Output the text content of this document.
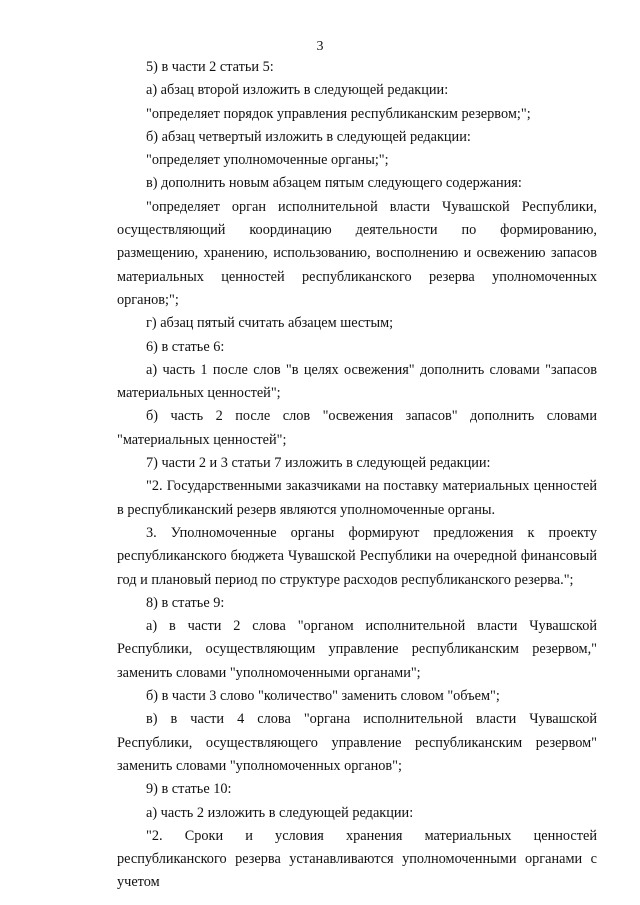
3

5) в части 2 статьи 5:

а) абзац второй изложить в следующей редакции:

"определяет порядок управления республиканским резервом;";

б) абзац четвертый изложить в следующей редакции:

"определяет уполномоченные органы;";

в) дополнить новым абзацем пятым следующего содержания:

"определяет орган исполнительной власти Чувашской Республики, осуществляющий координацию деятельности по формированию, размещению, хранению, использованию, восполнению и освежению запасов материальных ценностей республиканского резерва уполномоченных органов;";

г) абзац пятый считать абзацем шестым;

6) в статье 6:

а) часть 1 после слов "в целях освежения" дополнить словами "запасов материальных ценностей";

б) часть 2 после слов "освежения запасов" дополнить словами "материальных ценностей";

7) части 2 и 3 статьи 7 изложить в следующей редакции:

"2. Государственными заказчиками на поставку материальных ценностей в республиканский резерв являются уполномоченные органы.

3. Уполномоченные органы формируют предложения к проекту республиканского бюджета Чувашской Республики на очередной финансовый год и плановый период по структуре расходов республиканского резерва.";

8) в статье 9:

а) в части 2 слова "органом исполнительной власти Чувашской Республики, осуществляющим управление республиканским резервом," заменить словами "уполномоченными органами";

б) в части 3 слово "количество" заменить словом "объем";

в) в части 4 слова "органа исполнительной власти Чувашской Республики, осуществляющего управление республиканским резервом" заменить словами "уполномоченных органов";

9) в статье 10:

а) часть 2 изложить в следующей редакции:

"2. Сроки и условия хранения материальных ценностей республиканского резерва устанавливаются уполномоченными органами с учетом
